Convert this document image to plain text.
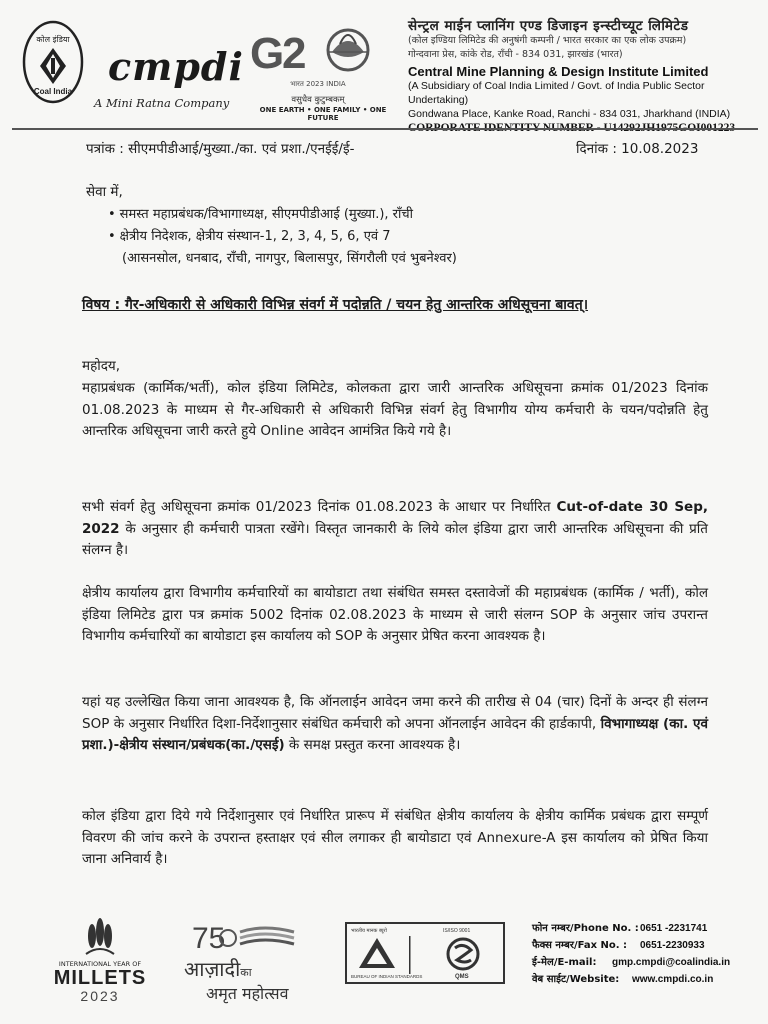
कोल इंडिया
Coal India
cmpdi
A Mini Ratna Company
G
2
भारत 2023 INDIA
वसुधैव कुटुम्बकम्
ONE EARTH • ONE FAMILY • ONE FUTURE
सेन्ट्रल माईन प्लानिंग एण्ड डिजाइन इन्स्टीच्यूट लिमिटेड
(कोल इण्डिया लिमिटेड की अनुषंगी कम्पनी / भारत सरकार का एक लोक उपक्रम)
गोन्दवाना प्रेस, कांके रोड, राँची - 834 031, झारखंड (भारत)
Central Mine Planning & Design Institute Limited
(A Subsidiary of Coal India Limited / Govt. of India Public Sector Undertaking)
Gondwana Place, Kanke Road, Ranchi - 834 031, Jharkhand (INDIA)
पत्रांक : सीएमपीडीआई/मुख्या./का. एवं प्रशा./एनईई/ई-	दिनांक : 10.08.2023
सेवा में,
• समस्त महाप्रबंधक/विभागाध्यक्ष, सीएमपीडीआई (मुख्या.), राँची
• क्षेत्रीय निदेशक, क्षेत्रीय संस्थान-1, 2, 3, 4, 5, 6, एवं 7
(आसनसोल, धनबाद, राँची, नागपुर, बिलासपुर, सिंगरौली एवं भुबनेश्वर)
विषय : गैर-अधिकारी से अधिकारी विभिन्न संवर्ग में पदोन्नति / चयन हेतु आन्तरिक अधिसूचना बावत्।
महोदय,
महाप्रबंधक (कार्मिक/भर्ती), कोल इंडिया लिमिटेड, कोलकता द्वारा जारी आन्तरिक अधिसूचना क्रमांक 01/2023 दिनांक 01.08.2023 के माध्यम से गैर-अधिकारी से अधिकारी विभिन्न संवर्ग हेतु विभागीय योग्य कर्मचारी के चयन/पदोन्नति हेतु आन्तरिक अधिसूचना जारी करते हुये Online आवेदन आमंत्रित किये गये है।
सभी संवर्ग हेतु अधिसूचना क्रमांक 01/2023 दिनांक 01.08.2023 के आधार पर निर्धारित Cut-of-date 30 Sep, 2022 के अनुसार ही कर्मचारी पात्रता रखेंगे। विस्तृत जानकारी के लिये कोल इंडिया द्वारा जारी आन्तरिक अधिसूचना की प्रति संलग्न है।
क्षेत्रीय कार्यालय द्वारा विभागीय कर्मचारियों का बायोडाटा तथा संबंधित समस्त दस्तावेजों की महाप्रबंधक (कार्मिक / भर्ती), कोल इंडिया लिमिटेड द्वारा पत्र क्रमांक 5002 दिनांक 02.08.2023 के माध्यम से जारी संलग्न SOP के अनुसार जांच उपरान्त विभागीय कर्मचारियों का बायोडाटा इस कार्यालय को SOP के अनुसार प्रेषित करना आवश्यक है।
यहां यह उल्लेखित किया जाना आवश्यक है, कि ऑनलाईन आवेदन जमा करने की तारीख से 04 (चार) दिनों के अन्दर ही संलग्न SOP के अनुसार निर्धारित दिशा-निर्देशानुसार संबंधित कर्मचारी को अपना ऑनलाईन आवेदन की हार्डकापी, विभागाध्यक्ष (का. एवं प्रशा.)-क्षेत्रीय संस्थान/प्रबंधक(का./एसई) के समक्ष प्रस्तुत करना आवश्यक है।
कोल इंडिया द्वारा दिये गये निर्देशानुसार एवं निर्धारित प्रारूप में संबंधित क्षेत्रीय कार्यालय के क्षेत्रीय कार्मिक प्रबंधक द्वारा सम्पूर्ण विवरण की जांच करने के उपरान्त हस्ताक्षर एवं सील लगाकर ही बायोडाटा एवं Annexure-A इस कार्यालय को प्रेषित किया जाना अनिवार्य है।
INTERNATIONAL YEAR OF
MILLETS
2023
75
आज़ादीका
अमृत महोत्सव
भारतीय मानक ब्यूरो	IS/ISO 9001
BUREAU OF INDIAN STANDARDS	QMS
फोन नम्बर/Phone No. :0651 -2231741
फैक्स नम्बर/Fax No. : 0651-2230933
ई-मेल/E-mail: gmp.cmpdi@coalindia.in
वेब साईट/Website: www.cmpdi.co.in
